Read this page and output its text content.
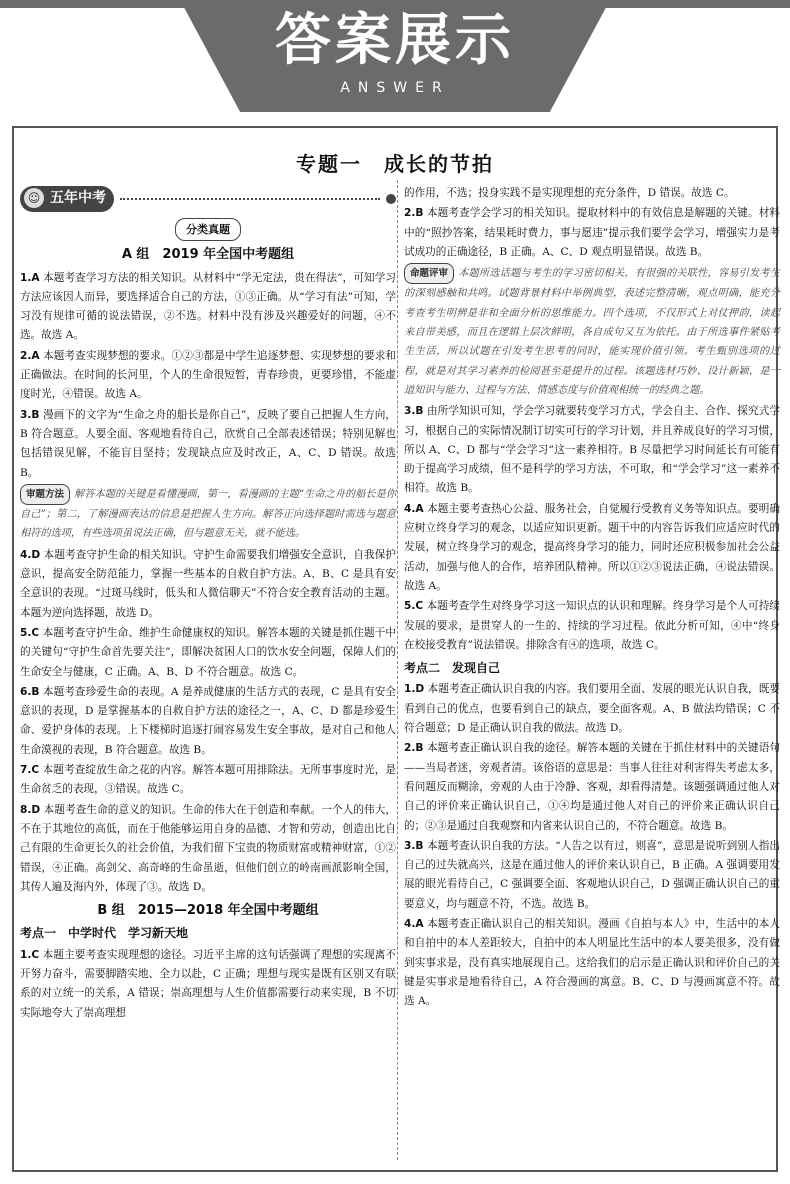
答案展示
ANSWER
专题一　成长的节拍
☺ 五年中考
分类真题
A 组　2019 年全国中考题组
1.A 本题考查学习方法的相关知识。从材料中“学无定法，贵在得法”，可知学习方法应该因人而异，要选择适合自己的方法，①③正确。从“学习有法”可知，学习没有规律可循的说法错误，②不选。材料中没有涉及兴趣爱好的问题，④不选。故选 A。
2.A 本题考查实现梦想的要求。①②③都是中学生追逐梦想、实现梦想的要求和正确做法。在时间的长河里，个人的生命很短暂，青春珍贵，更要珍惜，不能虚度时光，④错误。故选 A。
3.B 漫画下的文字为“生命之舟的船长是你自己”，反映了要自己把握人生方向，B 符合题意。人要全面、客观地看待自己，欣赏自己全部表述错误；特别见解也包括错误见解，不能盲目坚持；发现缺点应及时改正，A、C、D 错误。故选 B。
审题方法 解答本题的关键是看懂漫画，第一，看漫画的主题“生命之舟的船长是你自己”；第二，了解漫画表达的信息是把握人生方向。解答正向选择题时需选与题意相符的选项，有些选项虽说法正确，但与题意无关，就不能选。
4.D 本题考查守护生命的相关知识。守护生命需要我们增强安全意识，自我保护意识，提高安全防范能力，掌握一些基本的自救自护方法。A、B、C 是具有安全意识的表现。“过斑马线时，低头和人微信聊天”不符合安全教育活动的主题。本题为逆向选择题，故选 D。
5.C 本题考查守护生命、维护生命健康权的知识。解答本题的关键是抓住题干中的关键句“守护生命首先要关注”，即解决贫困人口的饮水安全问题，保障人们的生命安全与健康，C 正确。A、B、D 不符合题意。故选 C。
6.B 本题考查珍爱生命的表现。A 是养成健康的生活方式的表现，C 是具有安全意识的表现，D 是掌握基本的自救自护方法的途径之一，A、C、D 都是珍爱生命、爱护身体的表现。上下楼梯时追逐打闹容易发生安全事故，是对自己和他人生命漠视的表现，B 符合题意。故选 B。
7.C 本题考查绽放生命之花的内容。解答本题可用排除法。无所事事度时光，是生命贫乏的表现，③错误。故选 C。
8.D 本题考查生命的意义的知识。生命的伟大在于创造和奉献。一个人的伟大，不在于其地位的高低，而在于他能够运用自身的品德、才智和劳动，创造出比自己有限的生命更长久的社会价值，为我们留下宝贵的物质财富或精神财富，①②错误，④正确。高剑父、高奇峰的生命虽逝，但他们创立的岭南画派影响全国，其传人遍及海内外，体现了③。故选 D。
B 组　2015—2018 年全国中考题组
考点一　中学时代　学习新天地
1.C 本题主要考查实现理想的途径。习近平主席的这句话强调了理想的实现离不开努力奋斗，需要脚踏实地、全力以赴，C 正确；理想与现实是既有区别又有联系的对立统一的关系，A 错误；崇高理想与人生价值都需要行动来实现，B 不切实际地夸大了崇高理想
的作用，不选；投身实践不是实现理想的充分条件，D 错误。故选 C。
2.B 本题考查学会学习的相关知识。提取材料中的有效信息是解题的关键。材料中的“照抄答案，结果耗时费力，事与愿违”提示我们要学会学习，增强实力是考试成功的正确途径，B 正确。A、C、D 观点明显错误。故选 B。
命题评审 本题所选话题与考生的学习密切相关，有很强的关联性，容易引发考生的深刻感触和共鸣。试题背景材料中举例典型，表述完整清晰，观点明确，能充分考查考生明辨是非和全面分析的思维能力。四个选项，不仅形式上对仗押韵，读起来自带美感，而且在逻辑上层次鲜明，各自成句又互为依托。由于所选事件紧贴考生生活，所以试题在引发考生思考的同时，能实现价值引领。考生甄别选项的过程，就是对其学习素养的检阅甚至是提升的过程。该题选材巧妙、设计新颖，是一道知识与能力、过程与方法、情感态度与价值观相统一的经典之题。
3.B 由所学知识可知，学会学习就要转变学习方式，学会自主、合作、探究式学习，根据自己的实际情况制订切实可行的学习计划，并且养成良好的学习习惯，所以 A、C、D 都与“学会学习”这一素养相符。B 尽量把学习时间延长有可能有助于提高学习成绩，但不是科学的学习方法，不可取，和“学会学习”这一素养不相符。故选 B。
4.A 本题主要考查热心公益、服务社会，自觉履行受教育义务等知识点。要明确应树立终身学习的观念，以适应知识更新。题干中的内容告诉我们应适应时代的发展，树立终身学习的观念，提高终身学习的能力，同时还应积极参加社会公益活动，加强与他人的合作，培养团队精神。所以①②③说法正确，④说法错误。故选 A。
5.C 本题考查学生对终身学习这一知识点的认识和理解。终身学习是个人可持续发展的要求，是贯穿人的一生的、持续的学习过程。依此分析可知，④中“终身在校接受教育”说法错误。排除含有④的选项，故选 C。
考点二　发现自己
1.D 本题考查正确认识自我的内容。我们要用全面、发展的眼光认识自我，既要看到自己的优点，也要看到自己的缺点，要全面客观。A、B 做法均错误；C 不符合题意；D 是正确认识自我的做法。故选 D。
2.B 本题考查正确认识自我的途径。解答本题的关键在于抓住材料中的关键语句——当局者迷，旁观者清。该俗语的意思是：当事人往往对利害得失考虑太多，看问题反而糊涂，旁观的人由于冷静、客观，却看得清楚。该题强调通过他人对自己的评价来正确认识自己，①④均是通过他人对自己的评价来正确认识自己的；②③是通过自我观察和内省来认识自己的，不符合题意。故选 B。
3.B 本题考查认识自我的方法。“人告之以有过，则喜”，意思是说听到别人指出自己的过失就高兴，这是在通过他人的评价来认识自己，B 正确。A 强调要用发展的眼光看待自己，C 强调要全面、客观地认识自己，D 强调正确认识自己的重要意义，均与题意不符，不选。故选 B。
4.A 本题考查正确认识自己的相关知识。漫画《自拍与本人》中，生活中的本人和自拍中的本人差距较大，自拍中的本人明显比生活中的本人要美很多，没有做到实事求是，没有真实地展现自己。这给我们的启示是正确认识和评价自己的关键是实事求是地看待自己，A 符合漫画的寓意。B、C、D 与漫画寓意不符。故选 A。
